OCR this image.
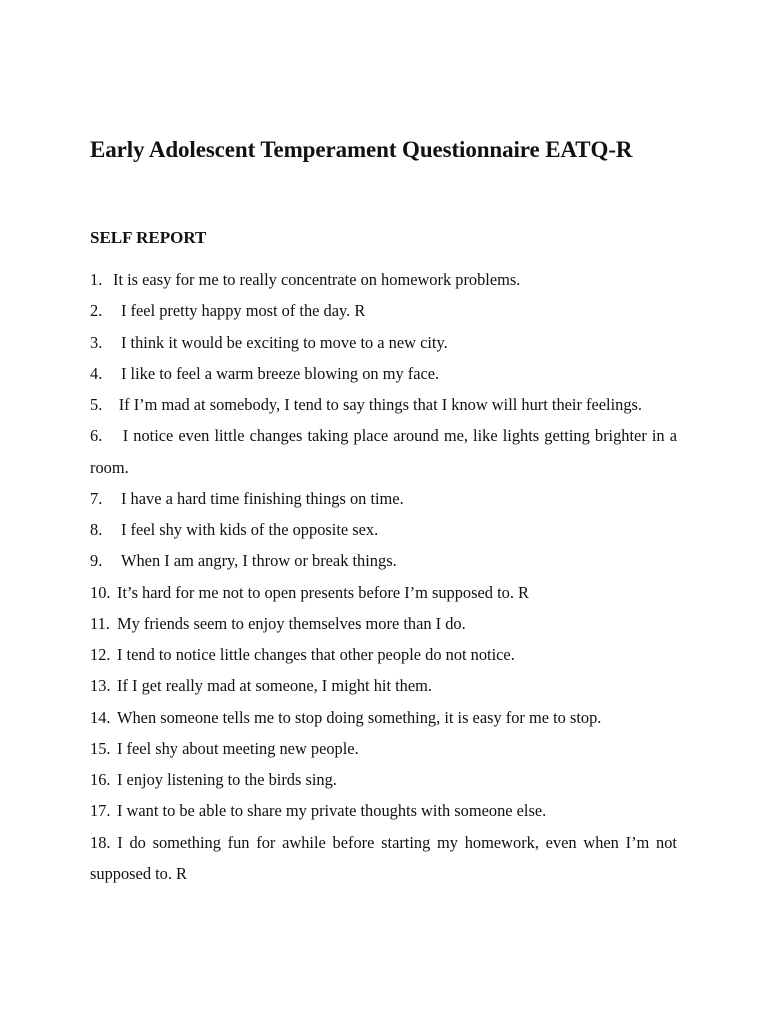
Early Adolescent Temperament Questionnaire EATQ-R
SELF REPORT
1. It is easy for me to really concentrate on homework problems.
2.	I feel pretty happy most of the day. R
3.	I think it would be exciting to move to a new city.
4.	I like to feel a warm breeze blowing on my face.
5. If I’m mad at somebody, I tend to say things that I know will hurt their feelings.
6. I notice even little changes taking place around me, like lights getting brighter in a room.
7.	I have a hard time finishing things on time.
8.	I feel shy with kids of the opposite sex.
9.	When I am angry, I throw or break things.
10. It’s hard for me not to open presents before I’m supposed to. R
11. My friends seem to enjoy themselves more than I do.
12. I tend to notice little changes that other people do not notice.
13. If I get really mad at someone, I might hit them.
14. When someone tells me to stop doing something, it is easy for me to stop.
15. I feel shy about meeting new people.
16. I enjoy listening to the birds sing.
17. I want to be able to share my private thoughts with someone else.
18. I do something fun for awhile before starting my homework, even when I’m not supposed to. R
